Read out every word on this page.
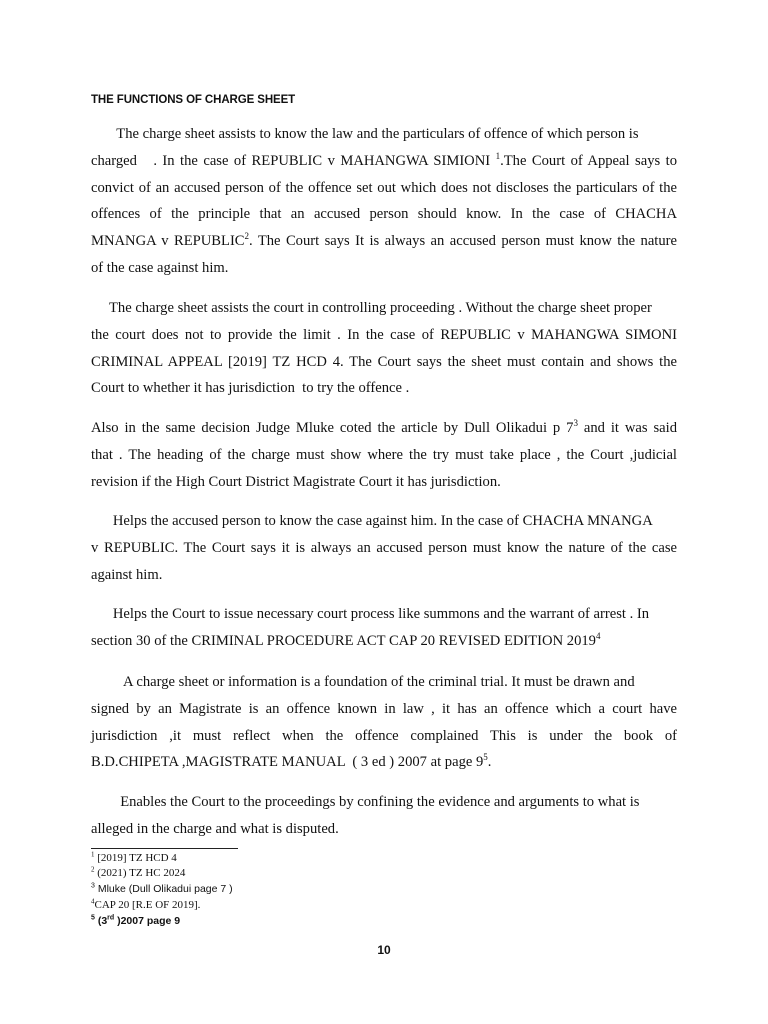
THE FUNCTIONS OF CHARGE SHEET
The charge sheet assists to know the law and the particulars of offence of which person is
charged   . In the case of REPUBLIC v MAHANGWA SIMIONI $^1$.The Court of Appeal says to
convict of an accused person of the offence set out which does not discloses the particulars of the
offences of the principle that an accused person should know. In the case of CHACHA
MNANGA v REPUBLIC$^2$. The Court says It is always an accused person must know the nature
of the case against him.
The charge sheet assists the court in controlling proceeding . Without the charge sheet proper
the court does not to provide the limit . In the case of REPUBLIC v MAHANGWA SIMONI
CRIMINAL APPEAL [2019] TZ HCD 4. The Court says the sheet must contain and shows the
Court to whether it has jurisdiction  to try the offence .
Also in the same decision Judge Mluke coted the article by Dull Olikadui p $7^3$ and it was said
that . The heading of the charge must show where the try must take place , the Court ,judicial
revision if the High Court District Magistrate Court it has jurisdiction.
Helps the accused person to know the case against him. In the case of CHACHA MNANGA
v REPUBLIC. The Court says it is always an accused person must know the nature of the case
against him.
Helps the Court to issue necessary court process like summons and the warrant of arrest . In
section 30 of the CRIMINAL PROCEDURE ACT CAP 20 REVISED EDITION 2019$^4$
A charge sheet or information is a foundation of the criminal trial. It must be drawn and
signed by an Magistrate is an offence known in law , it has an offence which a court have
jurisdiction ,it must reflect when the offence complained This is under the book of
B.D.CHIPETA ,MAGISTRATE MANUAL  ( 3 ed ) 2007 at page $9^5$.
Enables the Court to the proceedings by confining the evidence and arguments to what is
alleged in the charge and what is disputed.
$^1$ [2019] TZ HCD 4
$^2$ (2021) TZ HC 2024
$^3$ Mluke (Dull Olikadui page 7 )
$^4$CAP 20 [R.E OF 2019].
$^5$ (3rd )2007 page 9
10
